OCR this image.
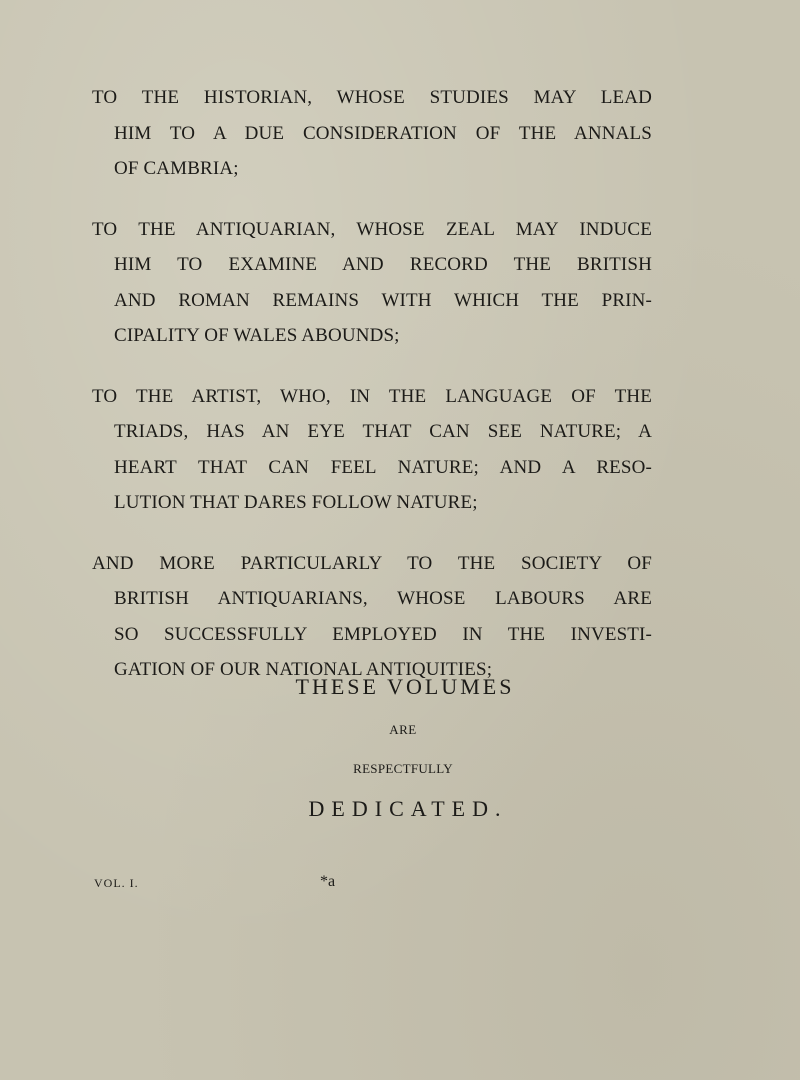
TO THE HISTORIAN, WHOSE STUDIES MAY LEAD
HIM TO A DUE CONSIDERATION OF THE ANNALS
OF CAMBRIA;

TO THE ANTIQUARIAN, WHOSE ZEAL MAY INDUCE
HIM TO EXAMINE AND RECORD THE BRITISH
AND ROMAN REMAINS WITH WHICH THE PRIN-
CIPALITY OF WALES ABOUNDS;

TO THE ARTIST, WHO, IN THE LANGUAGE OF THE
TRIADS, HAS AN EYE THAT CAN SEE NATURE; A
HEART THAT CAN FEEL NATURE; AND A RESO-
LUTION THAT DARES FOLLOW NATURE;

AND MORE PARTICULARLY TO THE SOCIETY OF
BRITISH ANTIQUARIANS, WHOSE LABOURS ARE
SO SUCCESSFULLY EMPLOYED IN THE INVESTI-
GATION OF OUR NATIONAL ANTIQUITIES;

THESE VOLUMES
ARE
RESPECTFULLY
DEDICATED.
VOL. I.	*a
